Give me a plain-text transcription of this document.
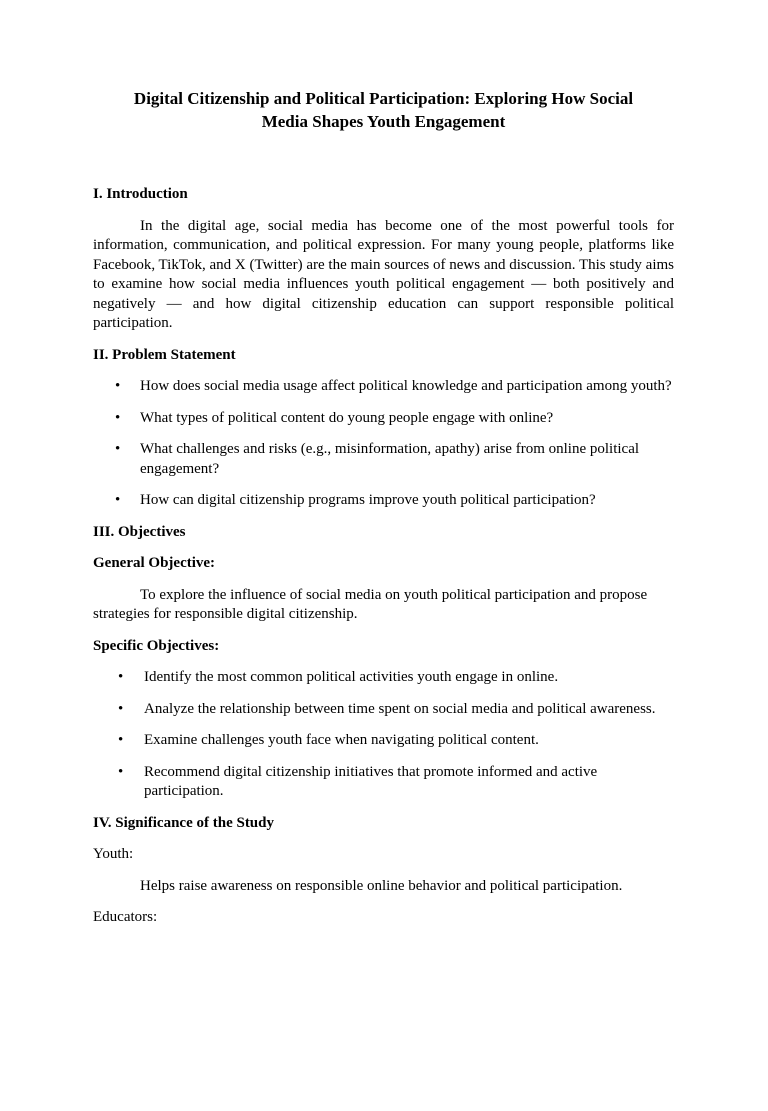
Digital Citizenship and Political Participation: Exploring How Social
Media Shapes Youth Engagement
I. Introduction

In the digital age, social media has become one of the most powerful tools for information, communication, and political expression. For many young people, platforms like Facebook, TikTok, and X (Twitter) are the main sources of news and discussion. This study aims to examine how social media influences youth political engagement — both positively and negatively — and how digital citizenship education can support responsible political participation.

II. Problem Statement
• How does social media usage affect political knowledge and participation among youth?
• What types of political content do young people engage with online?
• What challenges and risks (e.g., misinformation, apathy) arise from online political engagement?
• How can digital citizenship programs improve youth political participation?
III. Objectives
General Objective:

To explore the influence of social media on youth political participation and propose strategies for responsible digital citizenship.

Specific Objectives:
• Identify the most common political activities youth engage in online.
• Analyze the relationship between time spent on social media and political awareness.
• Examine challenges youth face when navigating political content.
• Recommend digital citizenship initiatives that promote informed and active participation.
IV. Significance of the Study

Youth:

Helps raise awareness on responsible online behavior and political participation.

Educators:
